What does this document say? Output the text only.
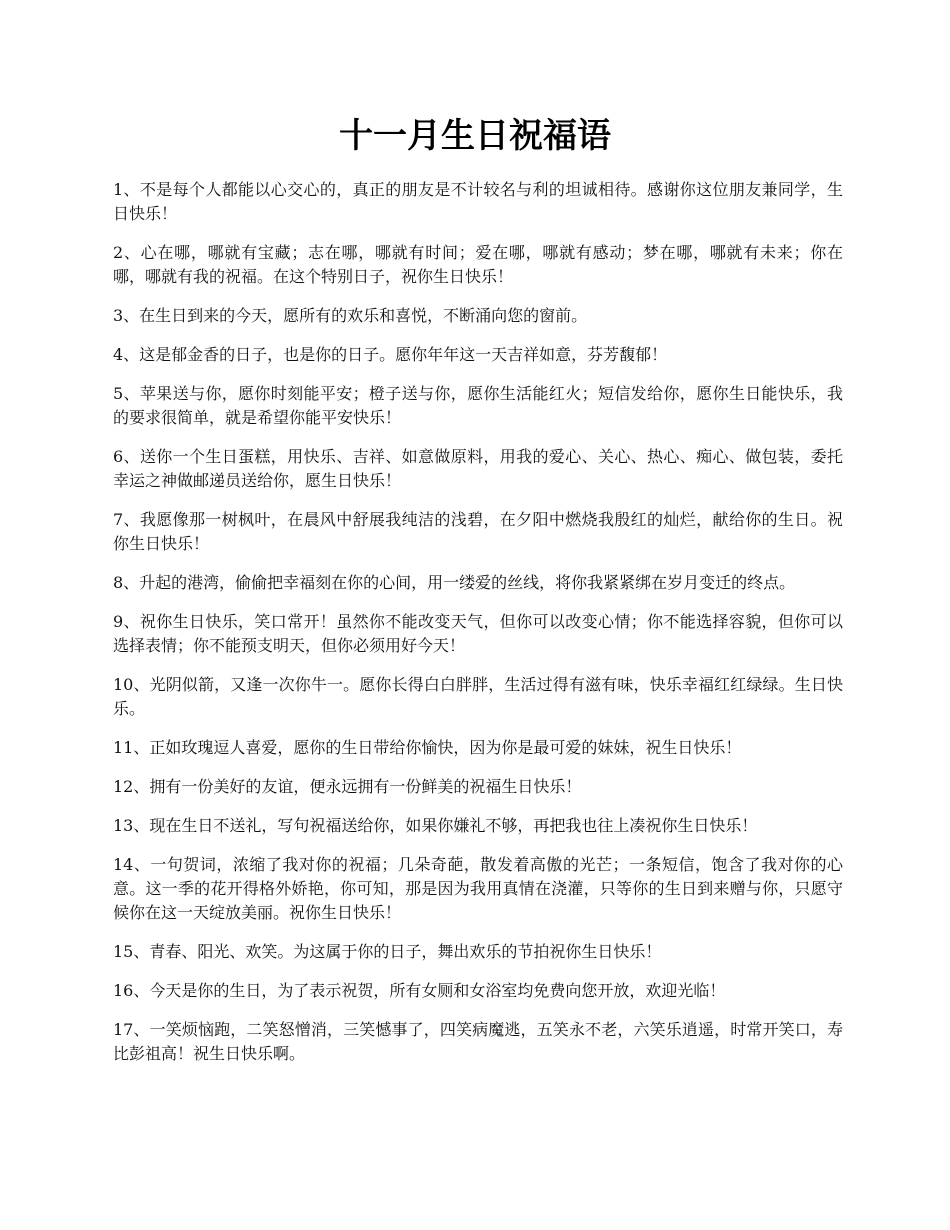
十一月生日祝福语

1、不是每个人都能以心交心的，真正的朋友是不计较名与利的坦诚相待。感谢你这位朋友兼同学，生日快乐！

2、心在哪，哪就有宝藏；志在哪，哪就有时间；爱在哪，哪就有感动；梦在哪，哪就有未来；你在哪，哪就有我的祝福。在这个特别日子，祝你生日快乐！

3、在生日到来的今天，愿所有的欢乐和喜悦，不断涌向您的窗前。

4、这是郁金香的日子，也是你的日子。愿你年年这一天吉祥如意，芬芳馥郁！

5、苹果送与你，愿你时刻能平安；橙子送与你，愿你生活能红火；短信发给你，愿你生日能快乐，我的要求很简单，就是希望你能平安快乐！

6、送你一个生日蛋糕，用快乐、吉祥、如意做原料，用我的爱心、关心、热心、痴心、做包装，委托幸运之神做邮递员送给你，愿生日快乐！

7、我愿像那一树枫叶，在晨风中舒展我纯洁的浅碧，在夕阳中燃烧我殷红的灿烂，献给你的生日。祝你生日快乐！

8、升起的港湾，偷偷把幸福刻在你的心间，用一缕爱的丝线，将你我紧紧绑在岁月变迁的终点。

9、祝你生日快乐，笑口常开！虽然你不能改变天气，但你可以改变心情；你不能选择容貌，但你可以选择表情；你不能预支明天，但你必须用好今天！

10、光阴似箭，又逢一次你牛一。愿你长得白白胖胖，生活过得有滋有味，快乐幸福红红绿绿。生日快乐。

11、正如玫瑰逗人喜爱，愿你的生日带给你愉快，因为你是最可爱的妹妹，祝生日快乐！

12、拥有一份美好的友谊，便永远拥有一份鲜美的祝福生日快乐！

13、现在生日不送礼，写句祝福送给你，如果你嫌礼不够，再把我也往上凑祝你生日快乐！

14、一句贺词，浓缩了我对你的祝福；几朵奇葩，散发着高傲的光芒；一条短信，饱含了我对你的心意。这一季的花开得格外娇艳，你可知，那是因为我用真情在浇灌，只等你的生日到来赠与你，只愿守候你在这一天绽放美丽。祝你生日快乐！

15、青春、阳光、欢笑。为这属于你的日子，舞出欢乐的节拍祝你生日快乐！

16、今天是你的生日，为了表示祝贺，所有女厕和女浴室均免费向您开放，欢迎光临！

17、一笑烦恼跑，二笑怒憎消，三笑憾事了，四笑病魔逃，五笑永不老，六笑乐逍遥，时常开笑口，寿比彭祖高！祝生日快乐啊。
